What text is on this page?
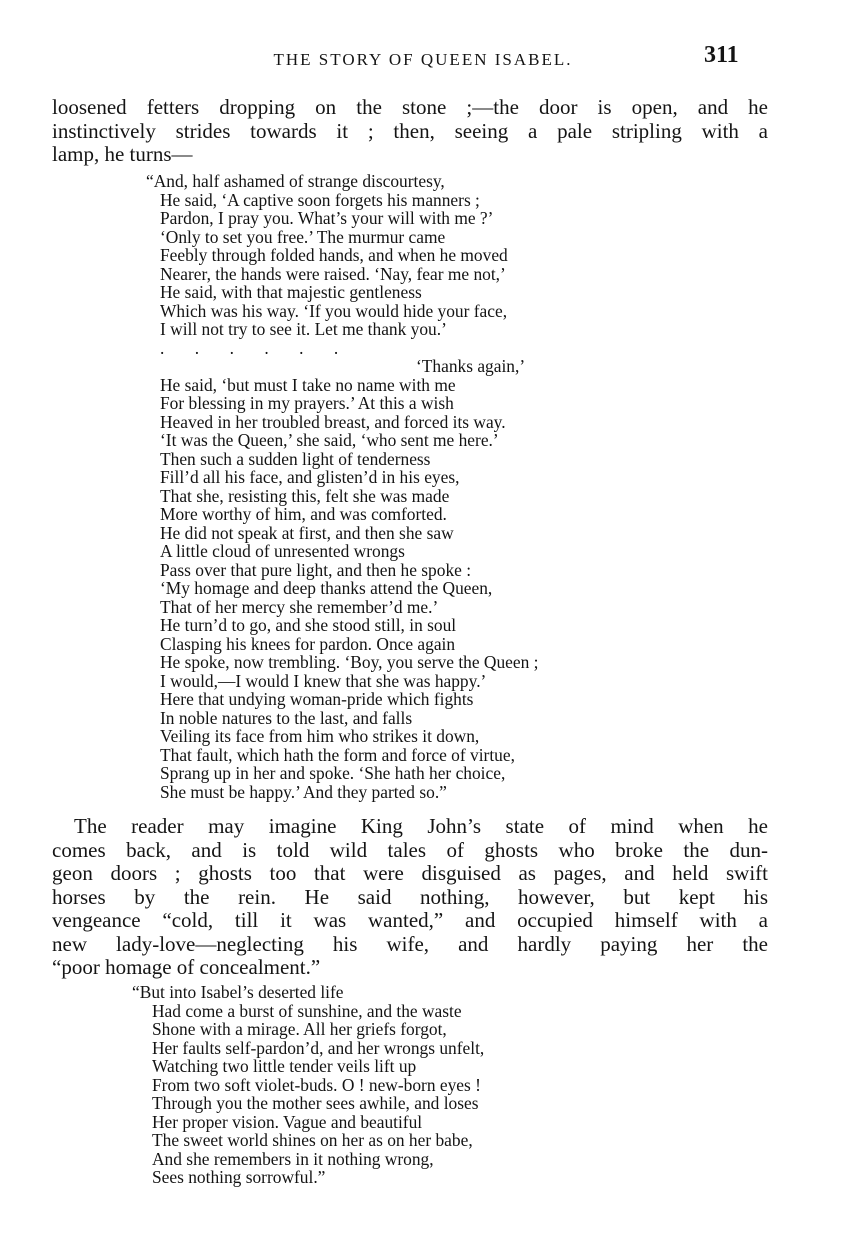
THE STORY OF QUEEN ISABEL.	311
loosened fetters dropping on the stone ;—the door is open, and he
instinctively strides towards it ; then, seeing a pale stripling with a
lamp, he turns—
“And, half ashamed of strange discourtesy,
He said, ‘A captive soon forgets his manners ;
Pardon, I pray you. What’s your will with me ?’
‘Only to set you free.’ The murmur came
Feebly through folded hands, and when he moved
Nearer, the hands were raised. ‘Nay, fear me not,’
He said, with that majestic gentleness
Which was his way. ‘If you would hide your face,
I will not try to see it. Let me thank you.’
.       .       .       .       .       .
‘Thanks again,’
He said, ‘but must I take no name with me
For blessing in my prayers.’ At this a wish
Heaved in her troubled breast, and forced its way.
‘It was the Queen,’ she said, ‘who sent me here.’
Then such a sudden light of tenderness
Fill’d all his face, and glisten’d in his eyes,
That she, resisting this, felt she was made
More worthy of him, and was comforted.
He did not speak at first, and then she saw
A little cloud of unresented wrongs
Pass over that pure light, and then he spoke :
‘My homage and deep thanks attend the Queen,
That of her mercy she remember’d me.’
He turn’d to go, and she stood still, in soul
Clasping his knees for pardon. Once again
He spoke, now trembling. ‘Boy, you serve the Queen ;
I would,—I would I knew that she was happy.’
Here that undying woman-pride which fights
In noble natures to the last, and falls
Veiling its face from him who strikes it down,
That fault, which hath the form and force of virtue,
Sprang up in her and spoke. ‘She hath her choice,
She must be happy.’ And they parted so.”
The reader may imagine King John’s state of mind when he
comes back, and is told wild tales of ghosts who broke the dun-
geon doors ; ghosts too that were disguised as pages, and held swift
horses by the rein. He said nothing, however, but kept his
vengeance “cold, till it was wanted,” and occupied himself with a
new lady-love—neglecting his wife, and hardly paying her the
“poor homage of concealment.”
“But into Isabel’s deserted life
Had come a burst of sunshine, and the waste
Shone with a mirage. All her griefs forgot,
Her faults self-pardon’d, and her wrongs unfelt,
Watching two little tender veils lift up
From two soft violet-buds. O ! new-born eyes !
Through you the mother sees awhile, and loses
Her proper vision. Vague and beautiful
The sweet world shines on her as on her babe,
And she remembers in it nothing wrong,
Sees nothing sorrowful.”
